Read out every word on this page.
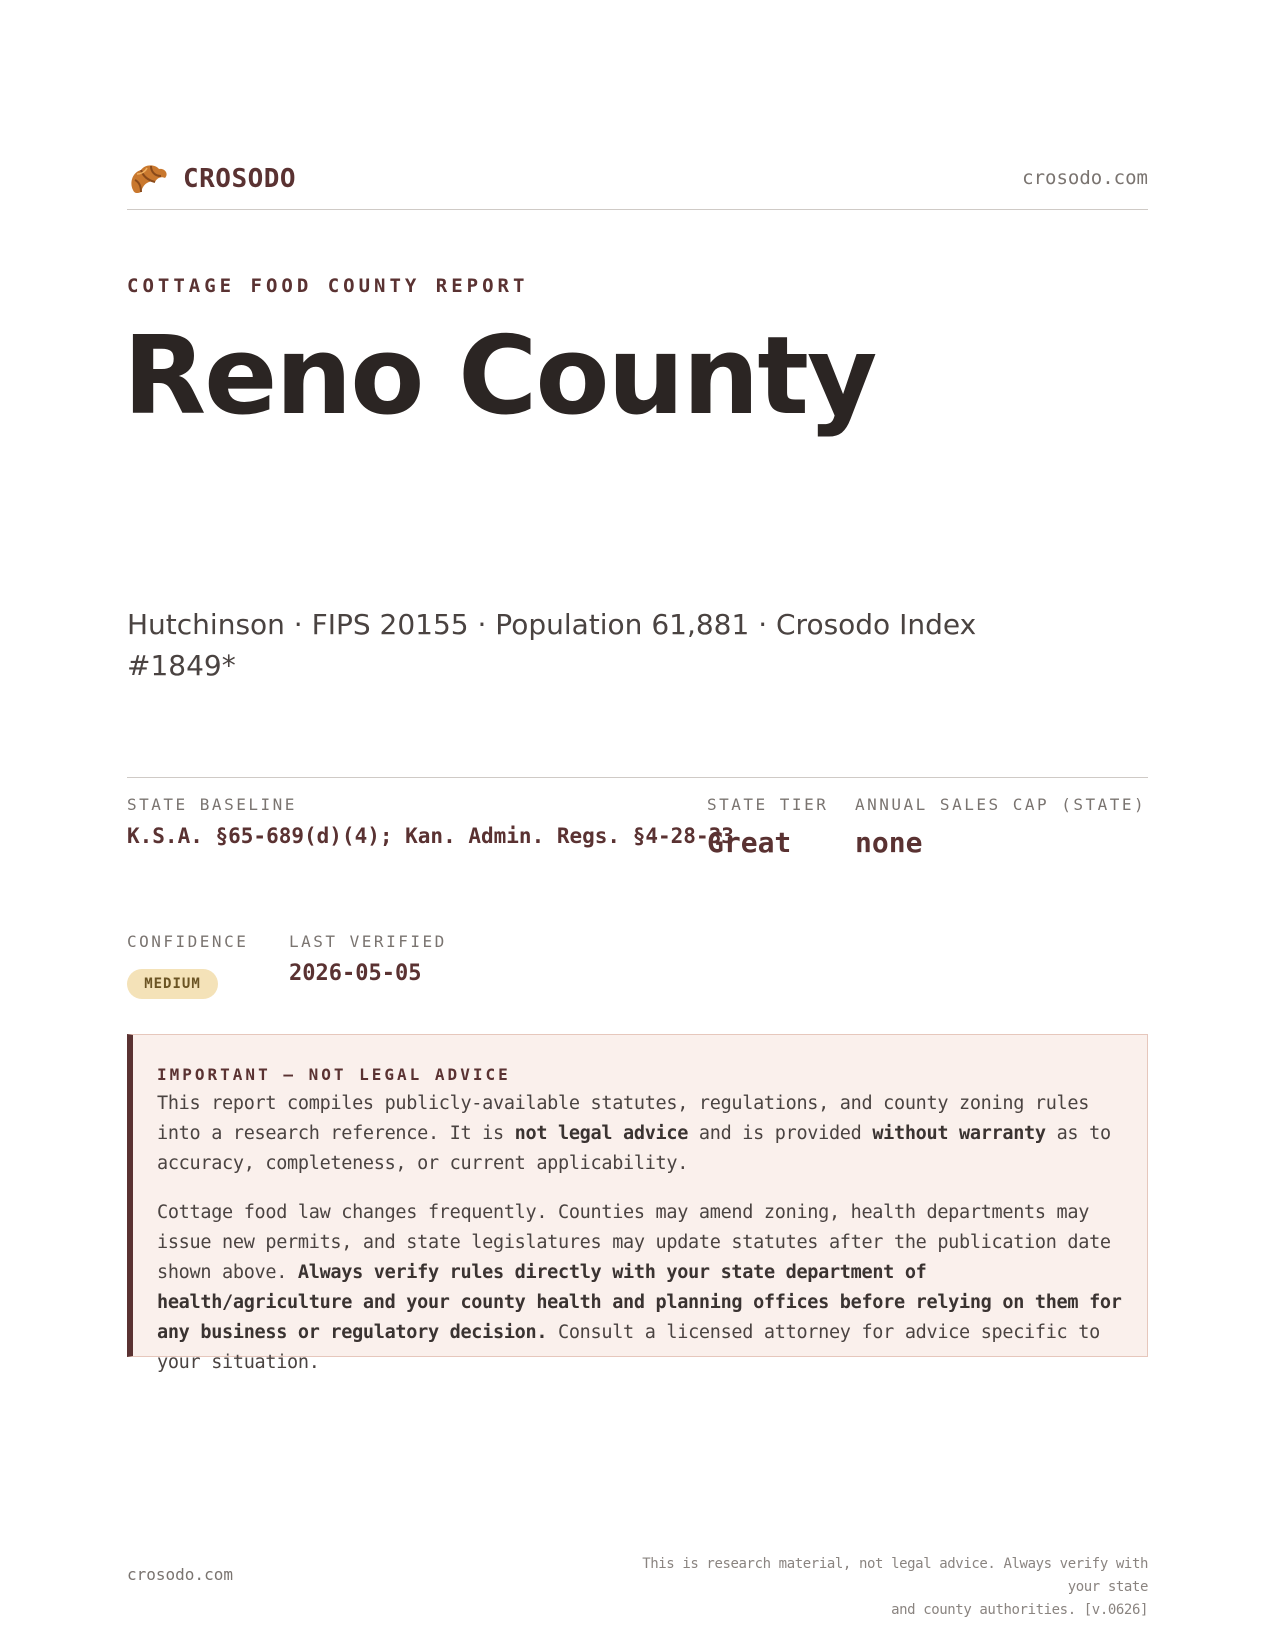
CROSODO	crosodo.com
COTTAGE FOOD COUNTY REPORT
Reno County
Hutchinson · FIPS 20155 · Population 61,881 · Crosodo Index #1849*
STATE BASELINE
K.S.A. §65-689(d)(4); Kan. Admin. Regs. §4-28-33
STATE TIER
Great
ANNUAL SALES CAP (STATE)
none
CONFIDENCE
MEDIUM
LAST VERIFIED
2026-05-05
IMPORTANT — NOT LEGAL ADVICE

This report compiles publicly-available statutes, regulations, and county zoning rules into a research reference. It is not legal advice and is provided without warranty as to accuracy, completeness, or current applicability.

Cottage food law changes frequently. Counties may amend zoning, health departments may issue new permits, and state legislatures may update statutes after the publication date shown above. Always verify rules directly with your state department of health/agriculture and your county health and planning offices before relying on them for any business or regulatory decision. Consult a licensed attorney for advice specific to your situation.

crosodo.com
This is research material, not legal advice. Always verify with your state
and county authorities. [v.0626]
